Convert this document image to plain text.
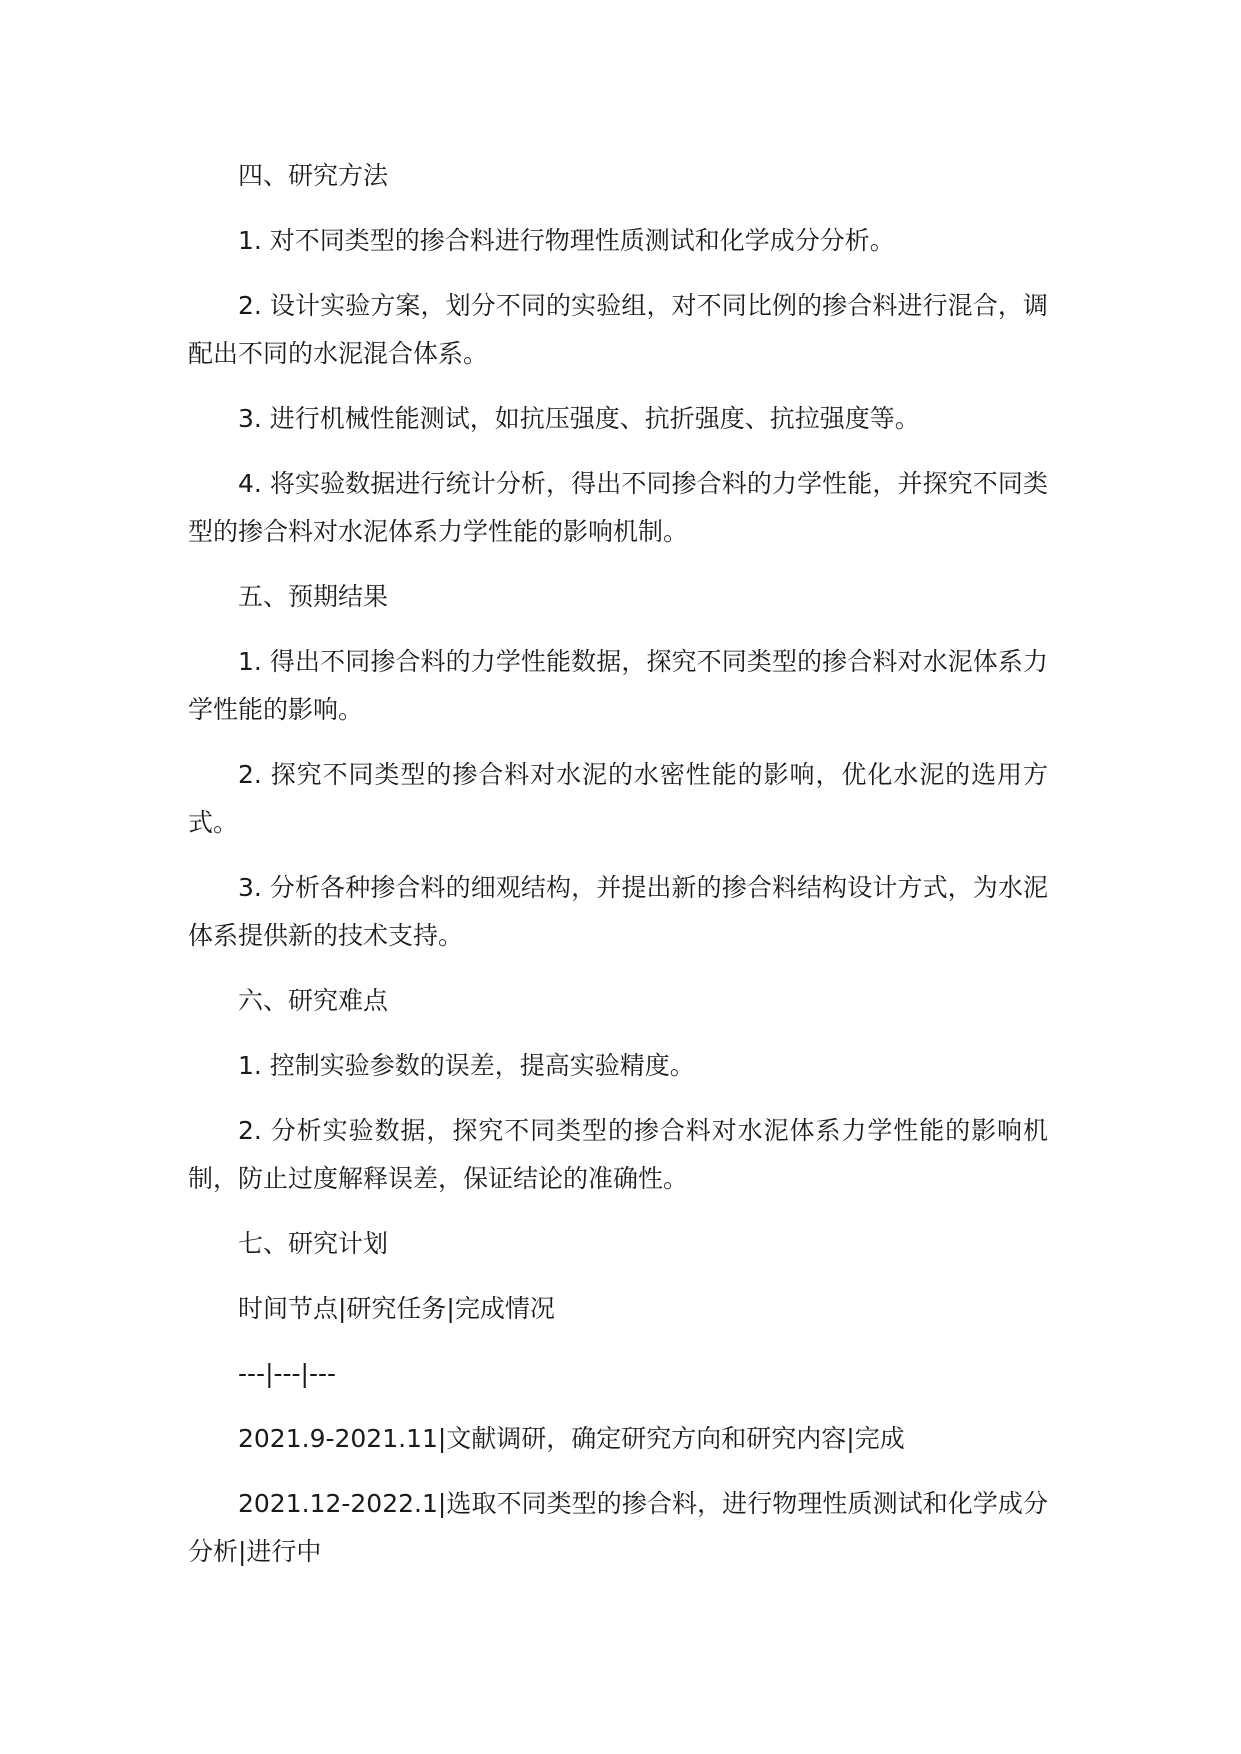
四、研究方法

1. 对不同类型的掺合料进行物理性质测试和化学成分分析。

2. 设计实验方案，划分不同的实验组，对不同比例的掺合料进行混合，调配出不同的水泥混合体系。

3. 进行机械性能测试，如抗压强度、抗折强度、抗拉强度等。

4. 将实验数据进行统计分析，得出不同掺合料的力学性能，并探究不同类型的掺合料对水泥体系力学性能的影响机制。

五、预期结果

1. 得出不同掺合料的力学性能数据，探究不同类型的掺合料对水泥体系力学性能的影响。

2. 探究不同类型的掺合料对水泥的水密性能的影响，优化水泥的选用方式。

3. 分析各种掺合料的细观结构，并提出新的掺合料结构设计方式，为水泥体系提供新的技术支持。

六、研究难点

1. 控制实验参数的误差，提高实验精度。

2. 分析实验数据，探究不同类型的掺合料对水泥体系力学性能的影响机制，防止过度解释误差，保证结论的准确性。

七、研究计划

时间节点|研究任务|完成情况

---|---|---

2021.9-2021.11|文献调研，确定研究方向和研究内容|完成

2021.12-2022.1|选取不同类型的掺合料，进行物理性质测试和化学成分分析|进行中
